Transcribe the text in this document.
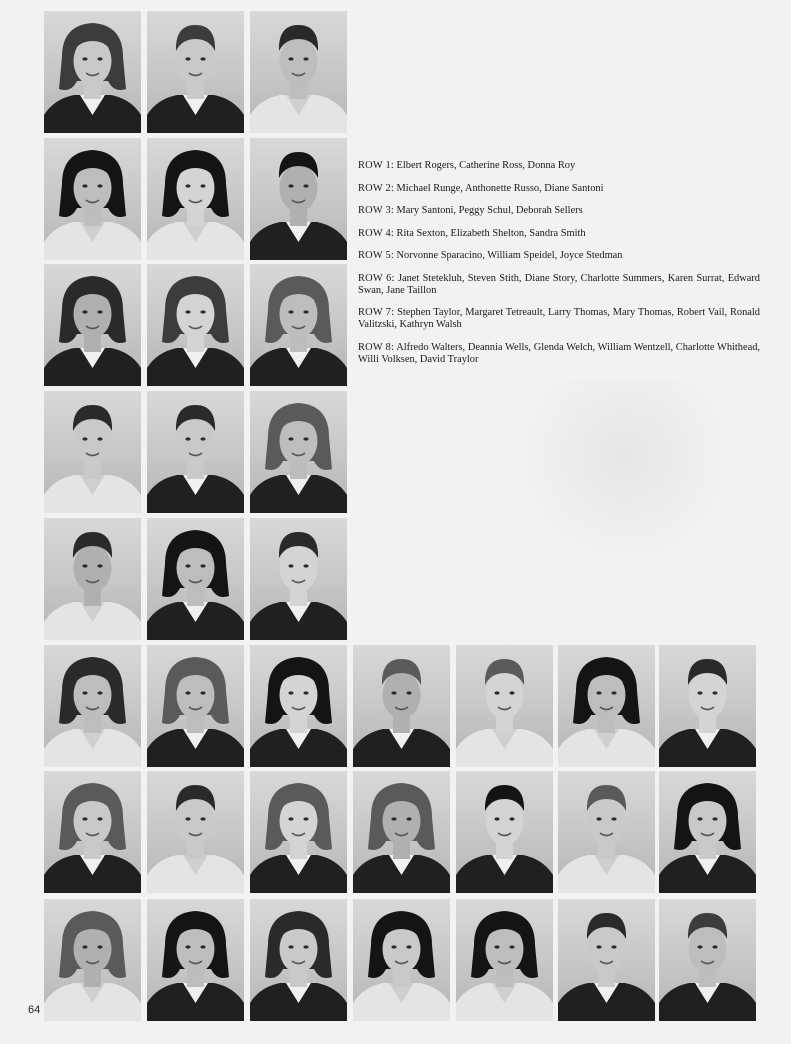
ROW 1: Elbert Rogers, Catherine Ross, Donna Roy

ROW 2: Michael Runge, Anthonette Russo, Diane Santoni

ROW 3: Mary Santoni, Peggy Schul, Deborah Sellers

ROW 4: Rita Sexton, Elizabeth Shelton, Sandra Smith

ROW 5: Norvonne Sparacino, William Speidel, Joyce Stedman

ROW 6: Janet Stetekluh, Steven Stith, Diane Story, Charlotte Summers, Karen Surrat, Edward Swan, Jane Taillon

ROW 7: Stephen Taylor, Margaret Tetreault, Larry Thomas, Mary Thomas, Robert Vail, Ronald Valitzski, Kathryn Walsh

ROW 8: Alfredo Walters, Deannia Wells, Glenda Welch, William Wentzell, Charlotte Whithead, Willi Volksen, David Traylor

64
